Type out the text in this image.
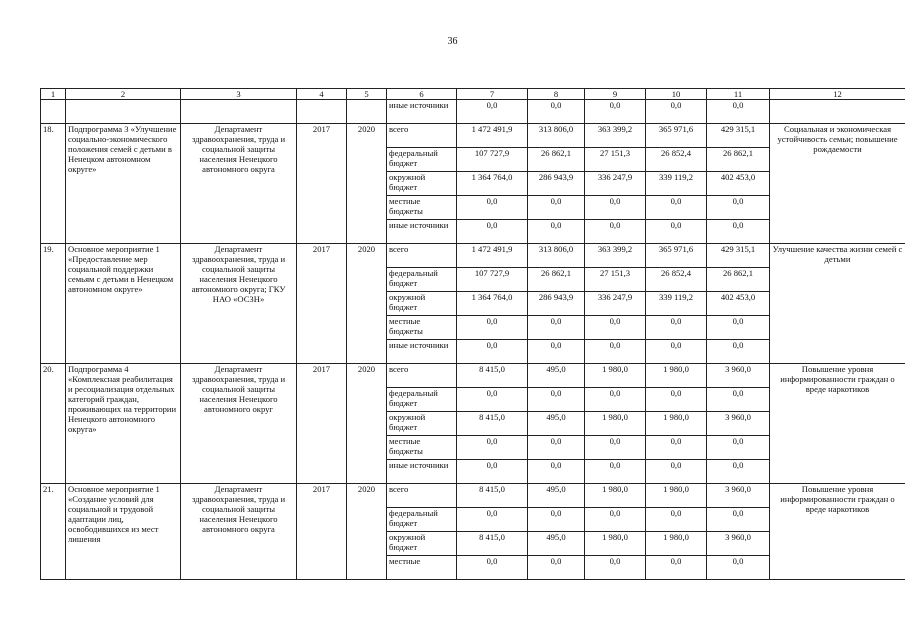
36
1	2	3	4	5	6	7	8	9	10	11	12
					иные источники	0,0	0,0	0,0	0,0	0,0	
18.	Подпрограмма 3 «Улучшение социально-экономического положения семей с детьми в Ненецком автономном округе»	Департамент здравоохранения, труда и социальной защиты населения Ненецкого автономного округа	2017	2020	всего	1 472 491,9	313 806,0	363 399,2	365 971,6	429 315,1	Социальная и экономическая устойчивость семьи; повышение рождаемости
					федеральный бюджет	107 727,9	26 862,1	27 151,3	26 852,4	26 862,1	
					окружной бюджет	1 364 764,0	286 943,9	336 247,9	339 119,2	402 453,0	
					местные бюджеты	0,0	0,0	0,0	0,0	0,0	
					иные источники	0,0	0,0	0,0	0,0	0,0	
19.	Основное мероприятие 1 «Предоставление мер социальной поддержки семьям с детьми в Ненецком автономном округе»	Департамент здравоохранения, труда и социальной защиты населения Ненецкого автономного округа; ГКУ НАО «ОСЗН»	2017	2020	всего	1 472 491,9	313 806,0	363 399,2	365 971,6	429 315,1	Улучшение качества жизни семей с детьми
					федеральный бюджет	107 727,9	26 862,1	27 151,3	26 852,4	26 862,1	
					окружной бюджет	1 364 764,0	286 943,9	336 247,9	339 119,2	402 453,0	
					местные бюджеты	0,0	0,0	0,0	0,0	0,0	
					иные источники	0,0	0,0	0,0	0,0	0,0	
20.	Подпрограмма 4 «Комплексная реабилитация и ресоциализация отдельных категорий граждан, проживающих на территории Ненецкого автономного округа»	Департамент здравоохранения, труда и социальной защиты населения Ненецкого автономного округ	2017	2020	всего	8 415,0	495,0	1 980,0	1 980,0	3 960,0	Повышение уровня информированности граждан о вреде наркотиков
					федеральный бюджет	0,0	0,0	0,0	0,0	0,0	
					окружной бюджет	8 415,0	495,0	1 980,0	1 980,0	3 960,0	
					местные бюджеты	0,0	0,0	0,0	0,0	0,0	
					иные источники	0,0	0,0	0,0	0,0	0,0	
21.	Основное мероприятие 1 «Создание условий для социальной и трудовой адаптации лиц, освободившихся из мест лишения	Департамент здравоохранения, труда и социальной защиты населения Ненецкого автономного округа	2017	2020	всего	8 415,0	495,0	1 980,0	1 980,0	3 960,0	Повышение уровня информированности граждан о вреде наркотиков
					федеральный бюджет	0,0	0,0	0,0	0,0	0,0	
					окружной бюджет	8 415,0	495,0	1 980,0	1 980,0	3 960,0	
					местные	0,0	0,0	0,0	0,0	0,0	
